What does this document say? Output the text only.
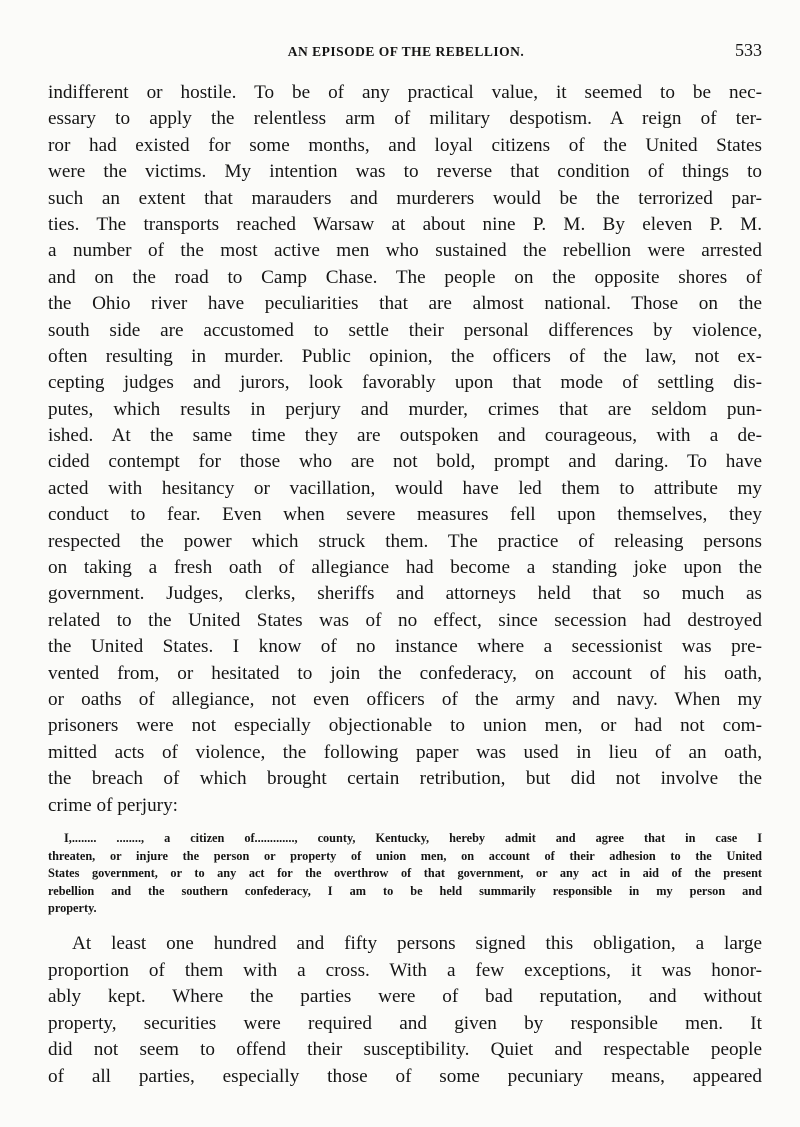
AN EPISODE OF THE REBELLION.	533
indifferent or hostile. To be of any practical value, it seemed to be nec-
essary to apply the relentless arm of military despotism. A reign of ter-
ror had existed for some months, and loyal citizens of the United States
were the victims. My intention was to reverse that condition of things to
such an extent that marauders and murderers would be the terrorized par-
ties. The transports reached Warsaw at about nine P. M. By eleven P. M.
a number of the most active men who sustained the rebellion were arrested
and on the road to Camp Chase. The people on the opposite shores of
the Ohio river have peculiarities that are almost national. Those on the
south side are accustomed to settle their personal differences by violence,
often resulting in murder. Public opinion, the officers of the law, not ex-
cepting judges and jurors, look favorably upon that mode of settling dis-
putes, which results in perjury and murder, crimes that are seldom pun-
ished. At the same time they are outspoken and courageous, with a de-
cided contempt for those who are not bold, prompt and daring. To have
acted with hesitancy or vacillation, would have led them to attribute my
conduct to fear. Even when severe measures fell upon themselves, they
respected the power which struck them. The practice of releasing persons
on taking a fresh oath of allegiance had become a standing joke upon the
government. Judges, clerks, sheriffs and attorneys held that so much as
related to the United States was of no effect, since secession had destroyed
the United States. I know of no instance where a secessionist was pre-
vented from, or hesitated to join the confederacy, on account of his oath,
or oaths of allegiance, not even officers of the army and navy. When my
prisoners were not especially objectionable to union men, or had not com-
mitted acts of violence, the following paper was used in lieu of an oath,
the breach of which brought certain retribution, but did not involve the
crime of perjury:
I,........ ........, a citizen of............., county, Kentucky, hereby admit and agree that in case I
threaten, or injure the person or property of union men, on account of their adhesion to the United
States government, or to any act for the overthrow of that government, or any act in aid of the present
rebellion and the southern confederacy, I am to be held summarily responsible in my person and
property.
At least one hundred and fifty persons signed this obligation, a large
proportion of them with a cross. With a few exceptions, it was honor-
ably kept. Where the parties were of bad reputation, and without
property, securities were required and given by responsible men. It
did not seem to offend their susceptibility. Quiet and respectable people
of all parties, especially those of some pecuniary means, appeared
